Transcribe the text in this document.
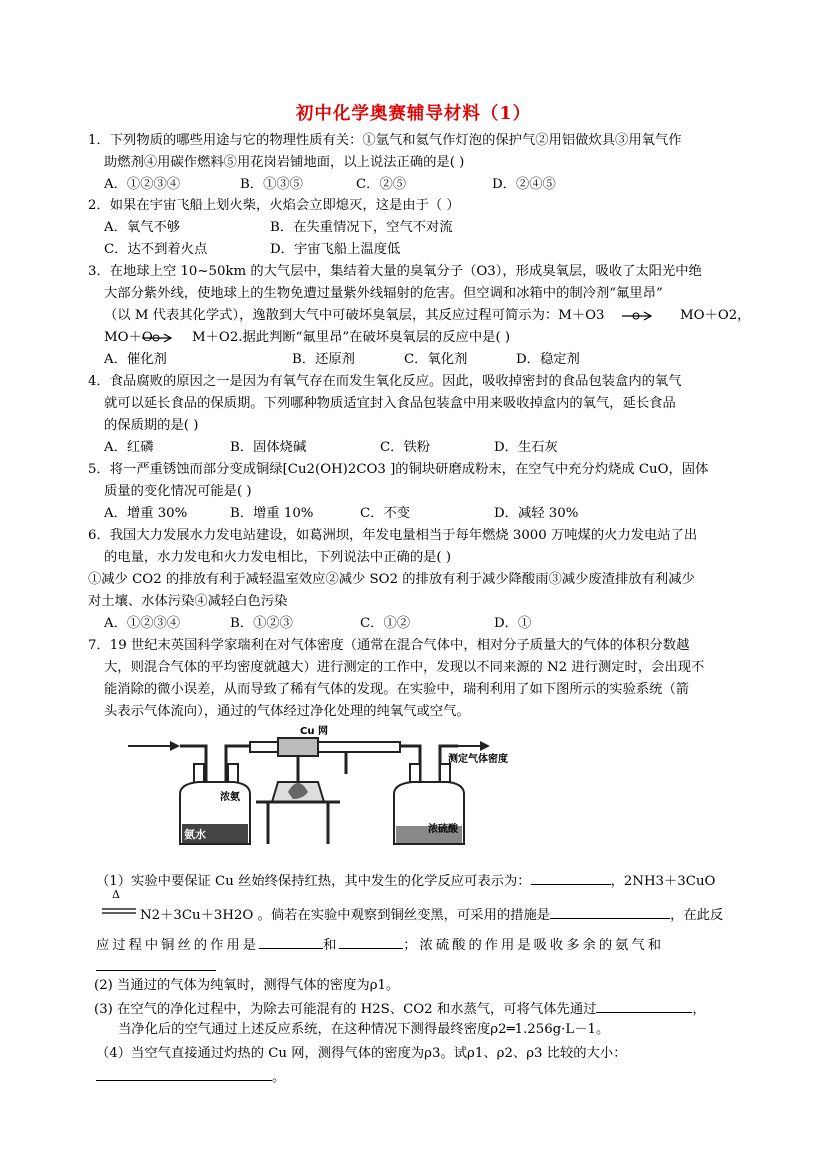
初中化学奥赛辅导材料（1）
1．下列物质的哪些用途与它的物理性质有关：①氩气和氦气作灯泡的保护气②用铝做炊具③用氧气作
助燃剂④用碳作燃料⑤用花岗岩铺地面，以上说法正确的是( )
A．①②③④	B．①③⑤	C．②⑤	D．②④⑤
2．如果在宇宙飞船上划火柴，火焰会立即熄灭，这是由于（ ）
A．氧气不够	B．在失重情况下，空气不对流
C．达不到着火点	D．宇宙飞船上温度低
3．在地球上空 10~50km 的大气层中，集结着大量的臭氧分子（O3），形成臭氧层，吸收了太阳光中绝
大部分紫外线，使地球上的生物免遭过量紫外线辐射的危害。但空调和冰箱中的制冷剂“氟里昂”
（以 M 代表其化学式），逸散到大气中可破坏臭氧层，其反应过程可简示为：M＋O3	MO＋O2，
MO＋O → M＋O2.据此判断“氟里昂”在破坏臭氧层的反应中是( )
A．催化剂	B．还原剂	C．氧化剂	D．稳定剂
4．食品腐败的原因之一是因为有氧气存在而发生氧化反应。因此，吸收掉密封的食品包装盒内的氧气
就可以延长食品的保质期。下列哪种物质适宜封入食品包装盒中用来吸收掉盒内的氧气，延长食品
的保质期的是( )
A．红磷	B．固体烧碱	C．铁粉	D．生石灰
5．将一严重锈蚀而部分变成铜绿[Cu2(OH)2CO3 ]的铜块研磨成粉末，在空气中充分灼烧成 CuO，固体
质量的变化情况可能是( )
A．增重 30%	B．增重 10%	C．不变	D．减轻 30%
6．我国大力发展水力发电站建设，如葛洲坝，年发电量相当于每年燃烧 3000 万吨煤的火力发电站了出
的电量，水力发电和火力发电相比，下列说法中正确的是( )
①减少 CO2 的排放有利于减轻温室效应②减少 SO2 的排放有利于减少降酸雨③减少废渣排放有利减少
对土壤、水体污染④减轻白色污染
A．①②③④	B．①②③	C．①②	D．①
7．19 世纪末英国科学家瑞利在对气体密度（通常在混合气体中，相对分子质量大的气体的体积分数越
大，则混合气体的平均密度就越大）进行测定的工作中，发现以不同来源的 N2 进行测定时，会出现不
能消除的微小误差，从而导致了稀有气体的发现。在实验中，瑞利利用了如下图所示的实验系统（箭
头表示气体流向），通过的气体经过净化处理的纯氧气或空气。
Cu 网
测定气体密度
浓氨
浓硫酸
氨水
（1）实验中要保证 Cu 丝始终保持红热，其中发生的化学反应可表示为：	，2NH3＋3CuO
Δ
N2＋3Cu＋3H2O 。倘若在实验中观察到铜丝变黑，可采用的措施是	，在此反
应过程中铜丝的作用是	和	；浓硫酸的作用是吸收多余的氨气和
(2) 当通过的气体为纯氧时，测得气体的密度为ρ1。
(3) 在空气的净化过程中，为除去可能混有的 H2S、CO2 和水蒸气，可将气体先通过	，
当净化后的空气通过上述反应系统，在这种情况下测得最终密度ρ2═1.256g·L－1。
（4）当空气直接通过灼热的 Cu 网，测得气体的密度为ρ3。试ρ1、ρ2、ρ3 比较的大小：
。
